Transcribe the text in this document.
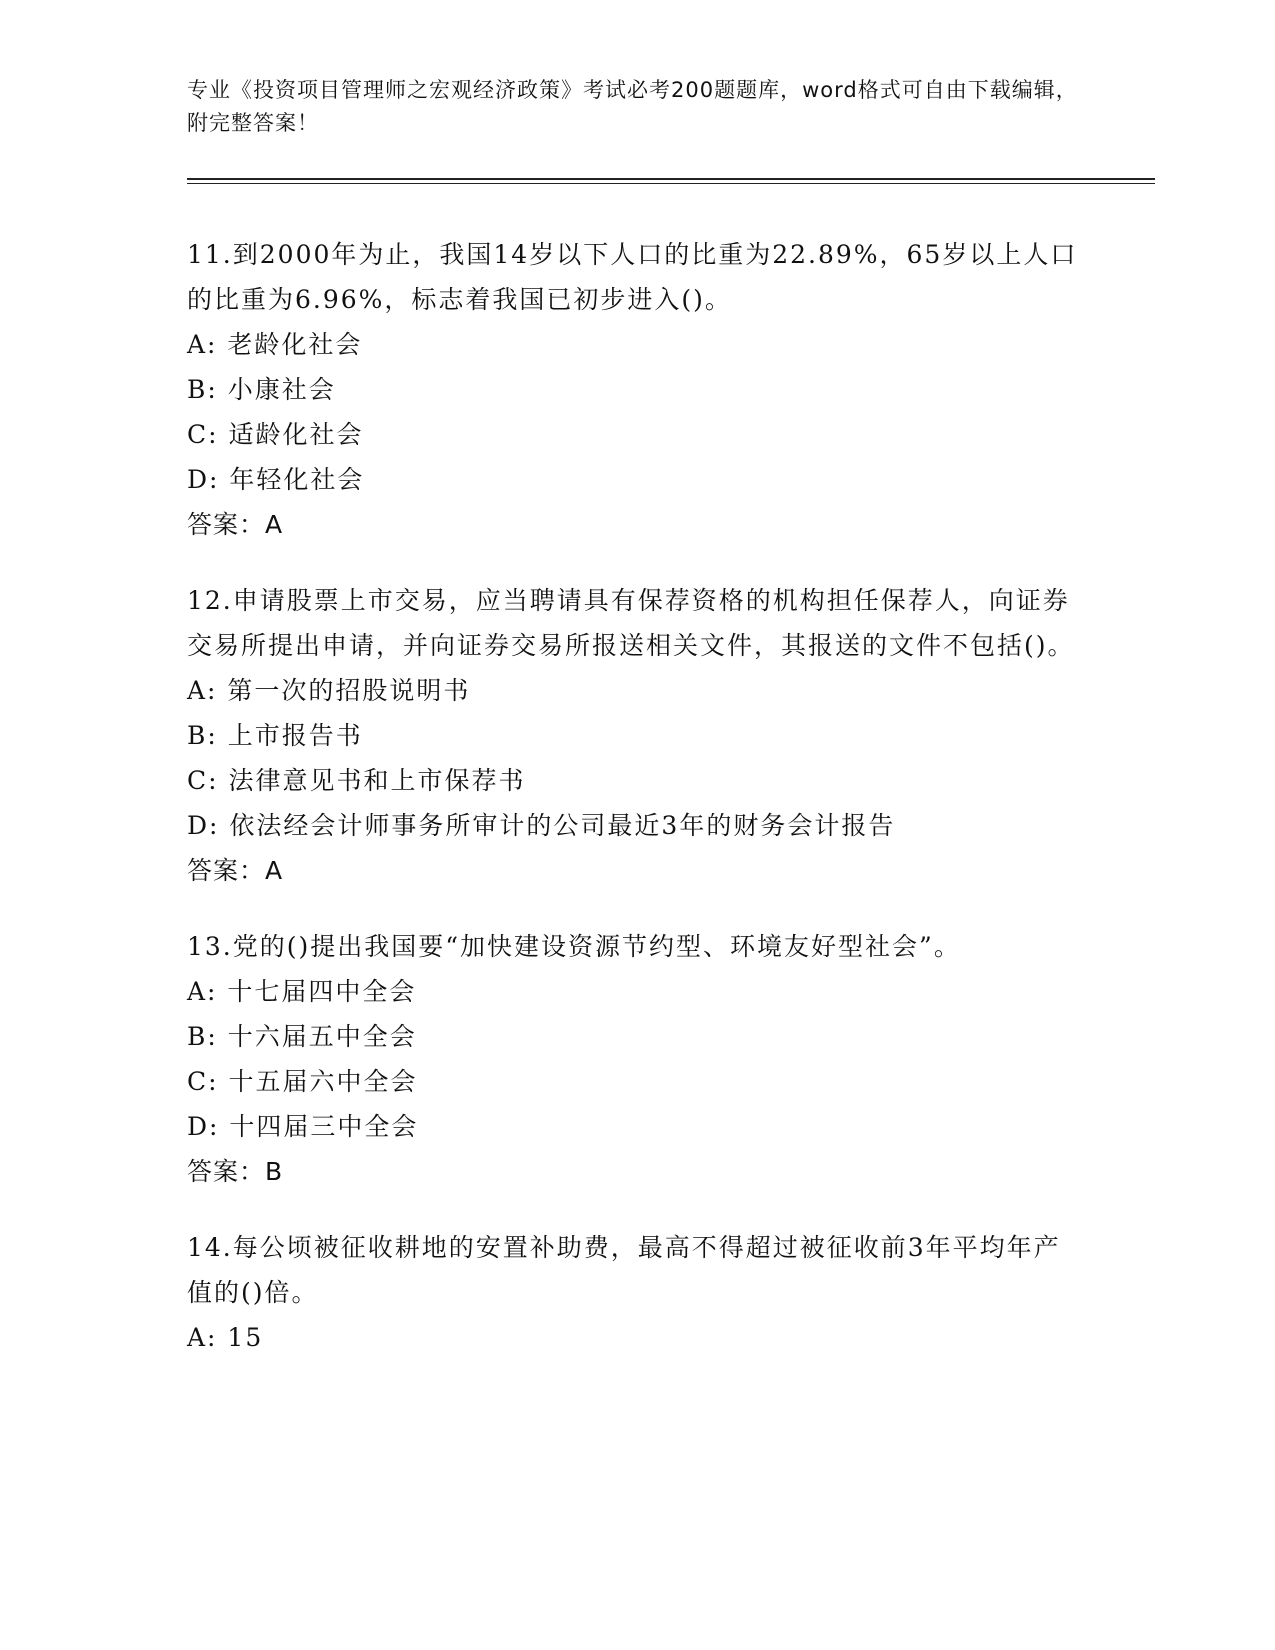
专业《投资项目管理师之宏观经济政策》考试必考200题题库，word格式可自由下载编辑，附完整答案！
11.到2000年为止，我国14岁以下人口的比重为22.89%，65岁以上人口的比重为6.96%，标志着我国已初步进入()。
A: 老龄化社会
B: 小康社会
C: 适龄化社会
D: 年轻化社会
答案：A
12.申请股票上市交易，应当聘请具有保荐资格的机构担任保荐人，向证券交易所提出申请，并向证券交易所报送相关文件，其报送的文件不包括()。
A: 第一次的招股说明书
B: 上市报告书
C: 法律意见书和上市保荐书
D: 依法经会计师事务所审计的公司最近3年的财务会计报告
答案：A
13.党的()提出我国要“加快建设资源节约型、环境友好型社会”。
A: 十七届四中全会
B: 十六届五中全会
C: 十五届六中全会
D: 十四届三中全会
答案：B
14.每公顷被征收耕地的安置补助费，最高不得超过被征收前3年平均年产值的()倍。
A: 15
